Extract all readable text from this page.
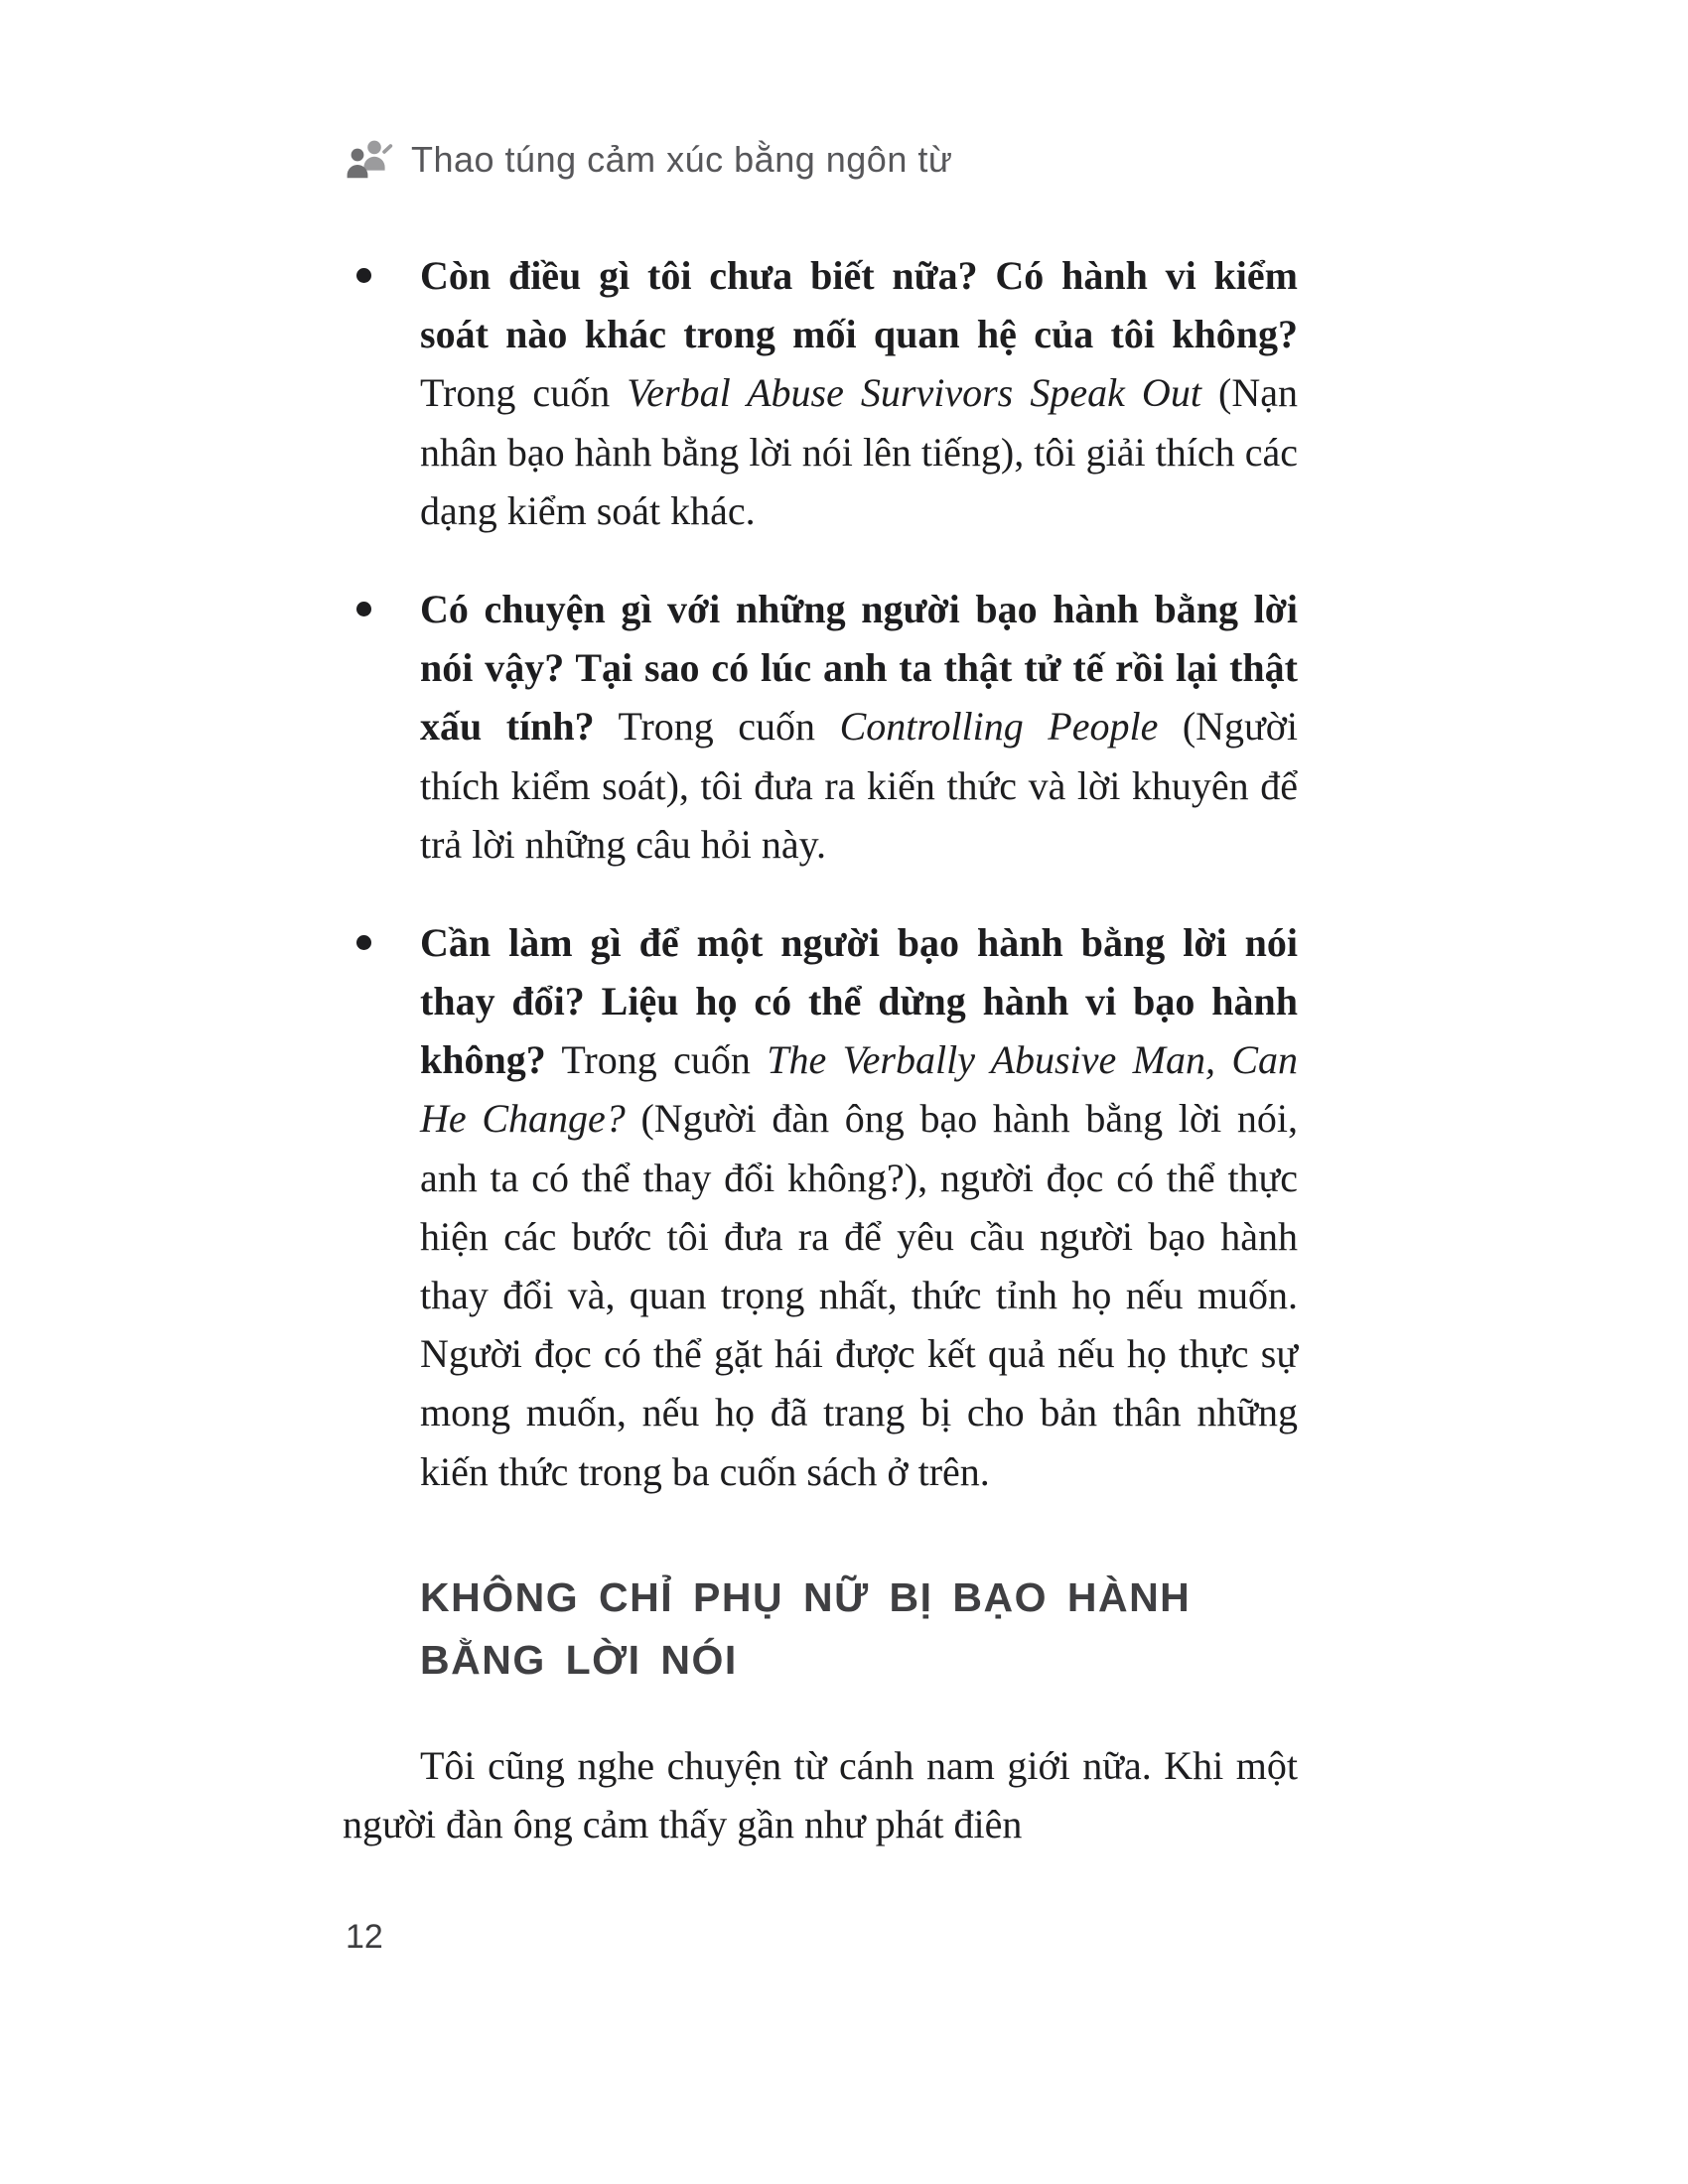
Thao túng cảm xúc bằng ngôn từ
Còn điều gì tôi chưa biết nữa? Có hành vi kiểm soát nào khác trong mối quan hệ của tôi không? Trong cuốn Verbal Abuse Survivors Speak Out (Nạn nhân bạo hành bằng lời nói lên tiếng), tôi giải thích các dạng kiểm soát khác.
Có chuyện gì với những người bạo hành bằng lời nói vậy? Tại sao có lúc anh ta thật tử tế rồi lại thật xấu tính? Trong cuốn Controlling People (Người thích kiểm soát), tôi đưa ra kiến thức và lời khuyên để trả lời những câu hỏi này.
Cần làm gì để một người bạo hành bằng lời nói thay đổi? Liệu họ có thể dừng hành vi bạo hành không? Trong cuốn The Verbally Abusive Man, Can He Change? (Người đàn ông bạo hành bằng lời nói, anh ta có thể thay đổi không?), người đọc có thể thực hiện các bước tôi đưa ra để yêu cầu người bạo hành thay đổi và, quan trọng nhất, thức tỉnh họ nếu muốn. Người đọc có thể gặt hái được kết quả nếu họ thực sự mong muốn, nếu họ đã trang bị cho bản thân những kiến thức trong ba cuốn sách ở trên.
KHÔNG CHỈ PHỤ NỮ BỊ BẠO HÀNH BẰNG LỜI NÓI

Tôi cũng nghe chuyện từ cánh nam giới nữa. Khi một người đàn ông cảm thấy gần như phát điên

12
